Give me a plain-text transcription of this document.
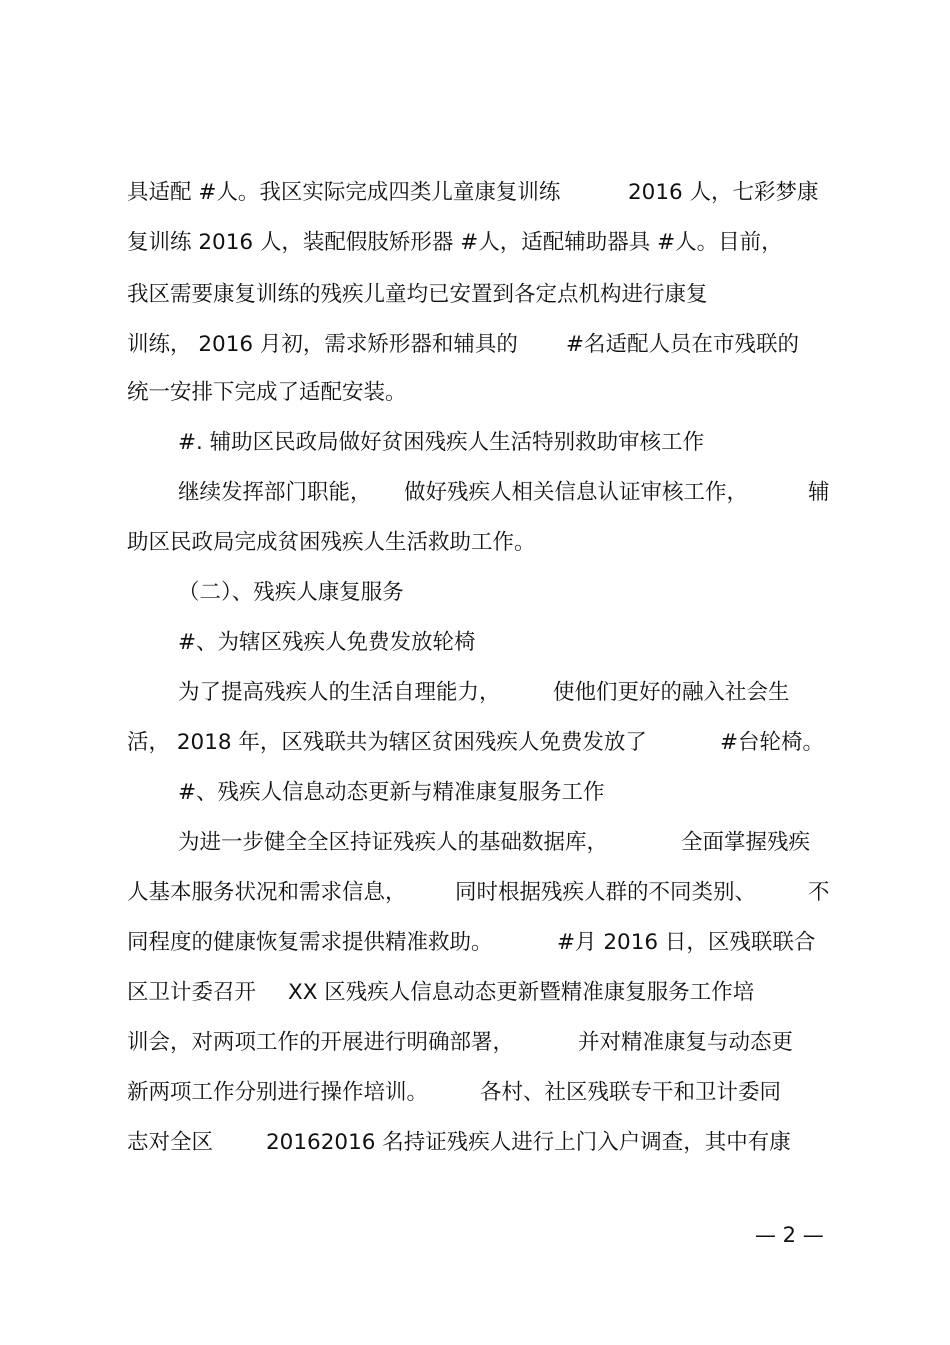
具适配 #人。我区实际完成四类儿童康复训练

	2016 人，七彩梦康

复训练 2016 人，装配假肢矫形器 #人，适配辅助器具 #人。目前，

我区需要康复训练的残疾儿童均已安置到各定点机构进行康复

训练， 2016 月初，需求矫形器和辅具的

#名适配人员在市残联的

统一安排下完成了适配安装。

#. 辅助区民政局做好贫困残疾人生活特别救助审核工作

继续发挥部门职能，

做好残疾人相关信息认证审核工作，

	辅

助区民政局完成贫困残疾人生活救助工作。

（二）、残疾人康复服务

#、为辖区残疾人免费发放轮椅

为了提高残疾人的生活自理能力，

使他们更好的融入社会生

活， 2018 年，区残联共为辖区贫困残疾人免费发放了

	#台轮椅。

#、残疾人信息动态更新与精准康复服务工作

为进一步健全全区持证残疾人的基础数据库，

	全面掌握残疾

人基本服务状况和需求信息，

同时根据残疾人群的不同类别、

不

同程度的健康恢复需求提供精准救助。

	#月 2016 日，区残联联合

区卫计委召开

XX 区残疾人信息动态更新暨精准康复服务工作培

训会，对两项工作的开展进行明确部署，

	并对精准康复与动态更

新两项工作分别进行操作培训。

各村、社区残联专干和卫计委同

志对全区

20162016 名持证残疾人进行上门入户调查，其中有康

— 2 —
